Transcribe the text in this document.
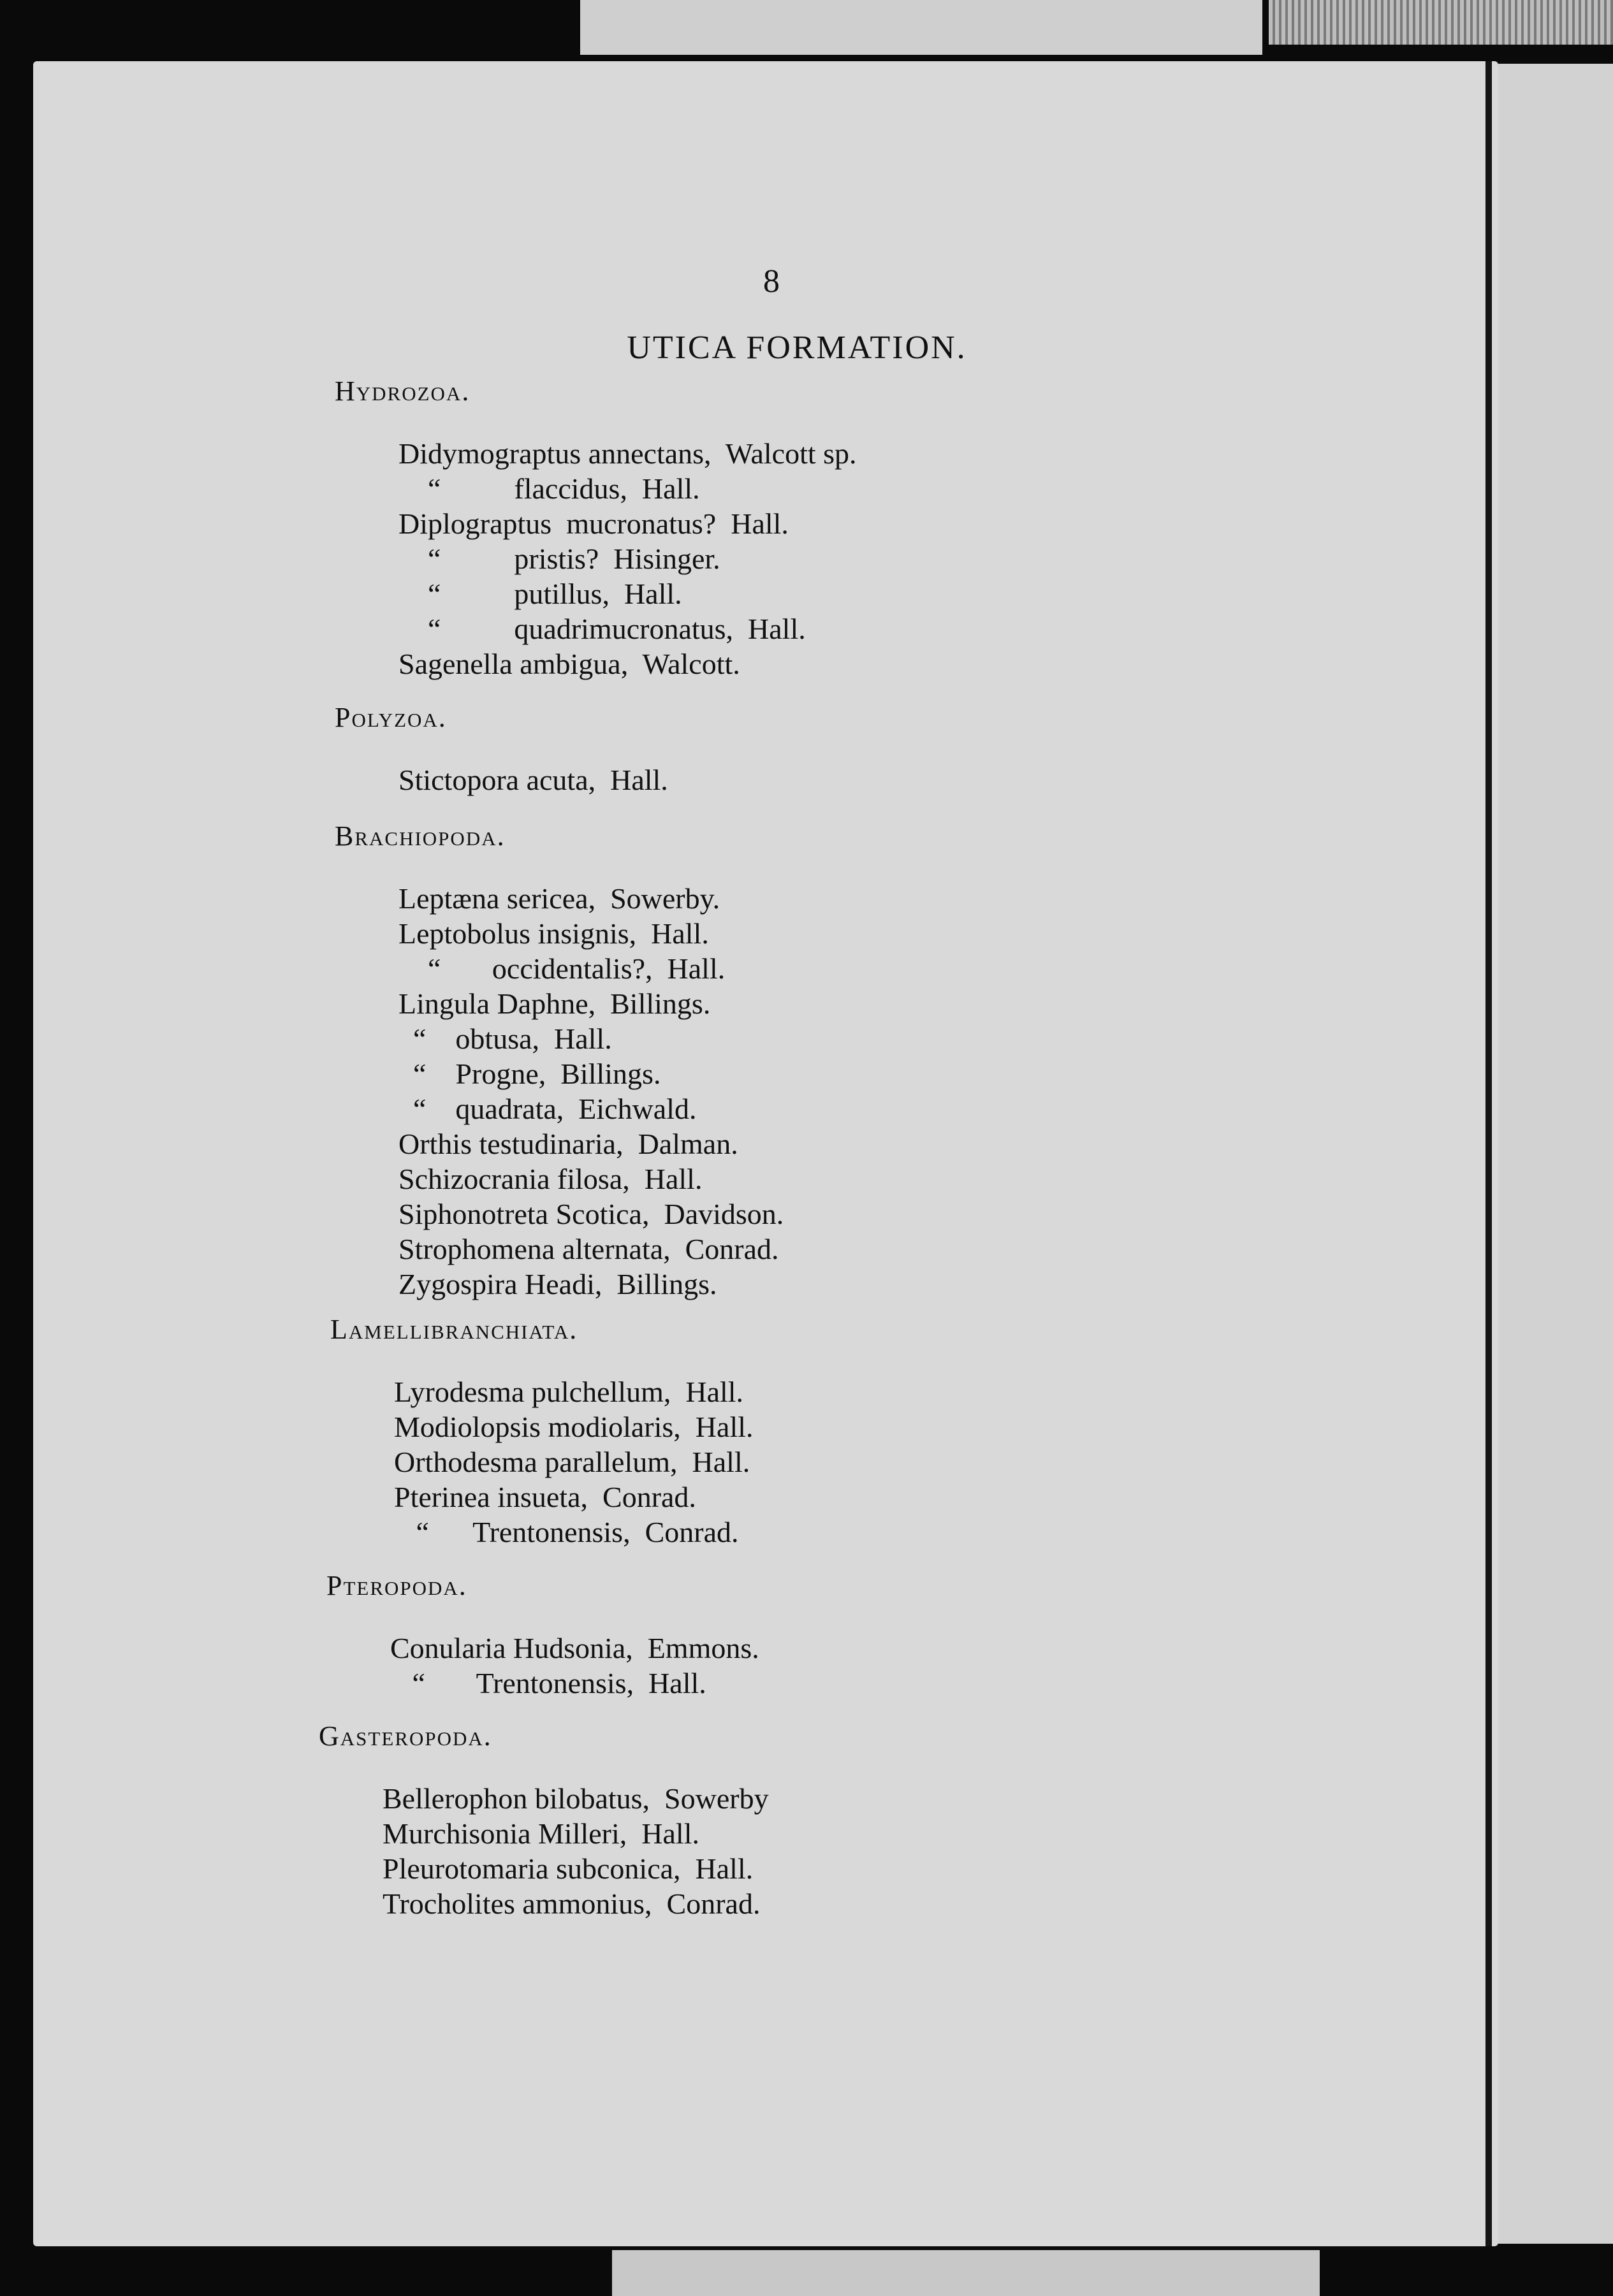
8
UTICA FORMATION.
Hydrozoa.
Didymograptus annectans,  Walcott sp.
“          flaccidus,  Hall.
Diplograptus  mucronatus?  Hall.
“          pristis?  Hisinger.
“          putillus,  Hall.
“          quadrimucronatus,  Hall.
Sagenella ambigua,  Walcott.
Polyzoa.
Stictopora acuta,  Hall.
Brachiopoda.
Leptæna sericea,  Sowerby.
Leptobolus insignis,  Hall.
“       occidentalis?,  Hall.
Lingula Daphne,  Billings.
“    obtusa,  Hall.
“    Progne,  Billings.
“    quadrata,  Eichwald.
Orthis testudinaria,  Dalman.
Schizocrania filosa,  Hall.
Siphonotreta Scotica,  Davidson.
Strophomena alternata,  Conrad.
Zygospira Headi,  Billings.
Lamellibranchiata.
Lyrodesma pulchellum,  Hall.
Modiolopsis modiolaris,  Hall.
Orthodesma parallelum,  Hall.
Pterinea insueta,  Conrad.
“      Trentonensis,  Conrad.
Pteropoda.
Conularia Hudsonia,  Emmons.
“       Trentonensis,  Hall.
Gasteropoda.
Bellerophon bilobatus,  Sowerby
Murchisonia Milleri,  Hall.
Pleurotomaria subconica,  Hall.
Trocholites ammonius,  Conrad.
